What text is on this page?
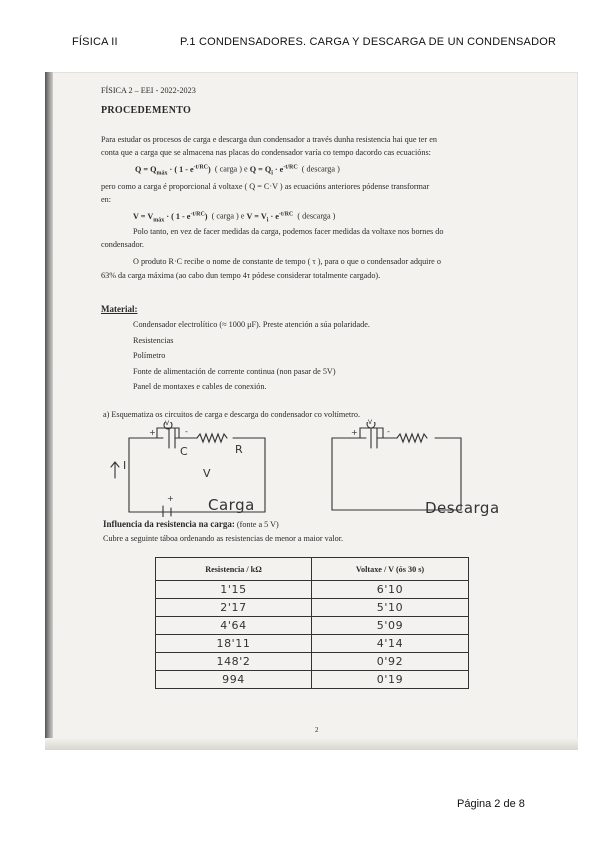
FÍSICA II	P.1 CONDENSADORES. CARGA Y DESCARGA DE UN CONDENSADOR
FÍSICA 2 – EEI - 2022-2023
PROCEDEMENTO
Para estudar os procesos de carga e descarga dun condensador a través dunha resistencia hai que ter en
conta que a carga que se almacena nas placas do condensador varía co tempo dacordo cas ecuacións:
$Q = Q_{máx}$ · ( $1 - e^{-t/RC}$) ( carga ) e $Q = Q_i \cdot e^{-t/RC}$ ( descarga )
pero como a carga é proporcional á voltaxe ( Q = C·V ) as ecuacións anteriores pódense transformar
en:
$V = V_{máx}$ · ( $1 - e^{-t/RC}$) ( carga ) e $V = V_i \cdot e^{-t/RC}$ ( descarga )
Polo tanto, en vez de facer medidas da carga, podemos facer medidas da voltaxe nos bornes do
condensador.
O produto R·C recibe o nome de constante de tempo ( τ ), para o que o condensador adquire o
63% da carga máxima (ao cabo dun tempo 4τ pódese considerar totalmente cargado).
Material:
Condensador electrolítico (≈ 1000 μF). Preste atención a súa polaridade.
Resistencias
Polímetro
Fonte de alimentación de corrente continua (non pasar de 5V)
Panel de montaxes e cables de conexión.
a) Esquematiza os circuitos de carga e descarga do condensador co voltímetro.
+	-
V
C	R
I
V
+ Carga
+	-
V
Descarga
Influencia da resistencia na carga: (fonte a 5 V)
Cubre a seguinte táboa ordenando as resistencias de menor a maior valor.
Resistencia / kΩ	Voltaxe / V (ós 30 s)
1'15	6'10
2'17	5'10
4'64	5'09
18'11	4'14
148'2	0'92
994	0'19
2
Página 2 de 8
